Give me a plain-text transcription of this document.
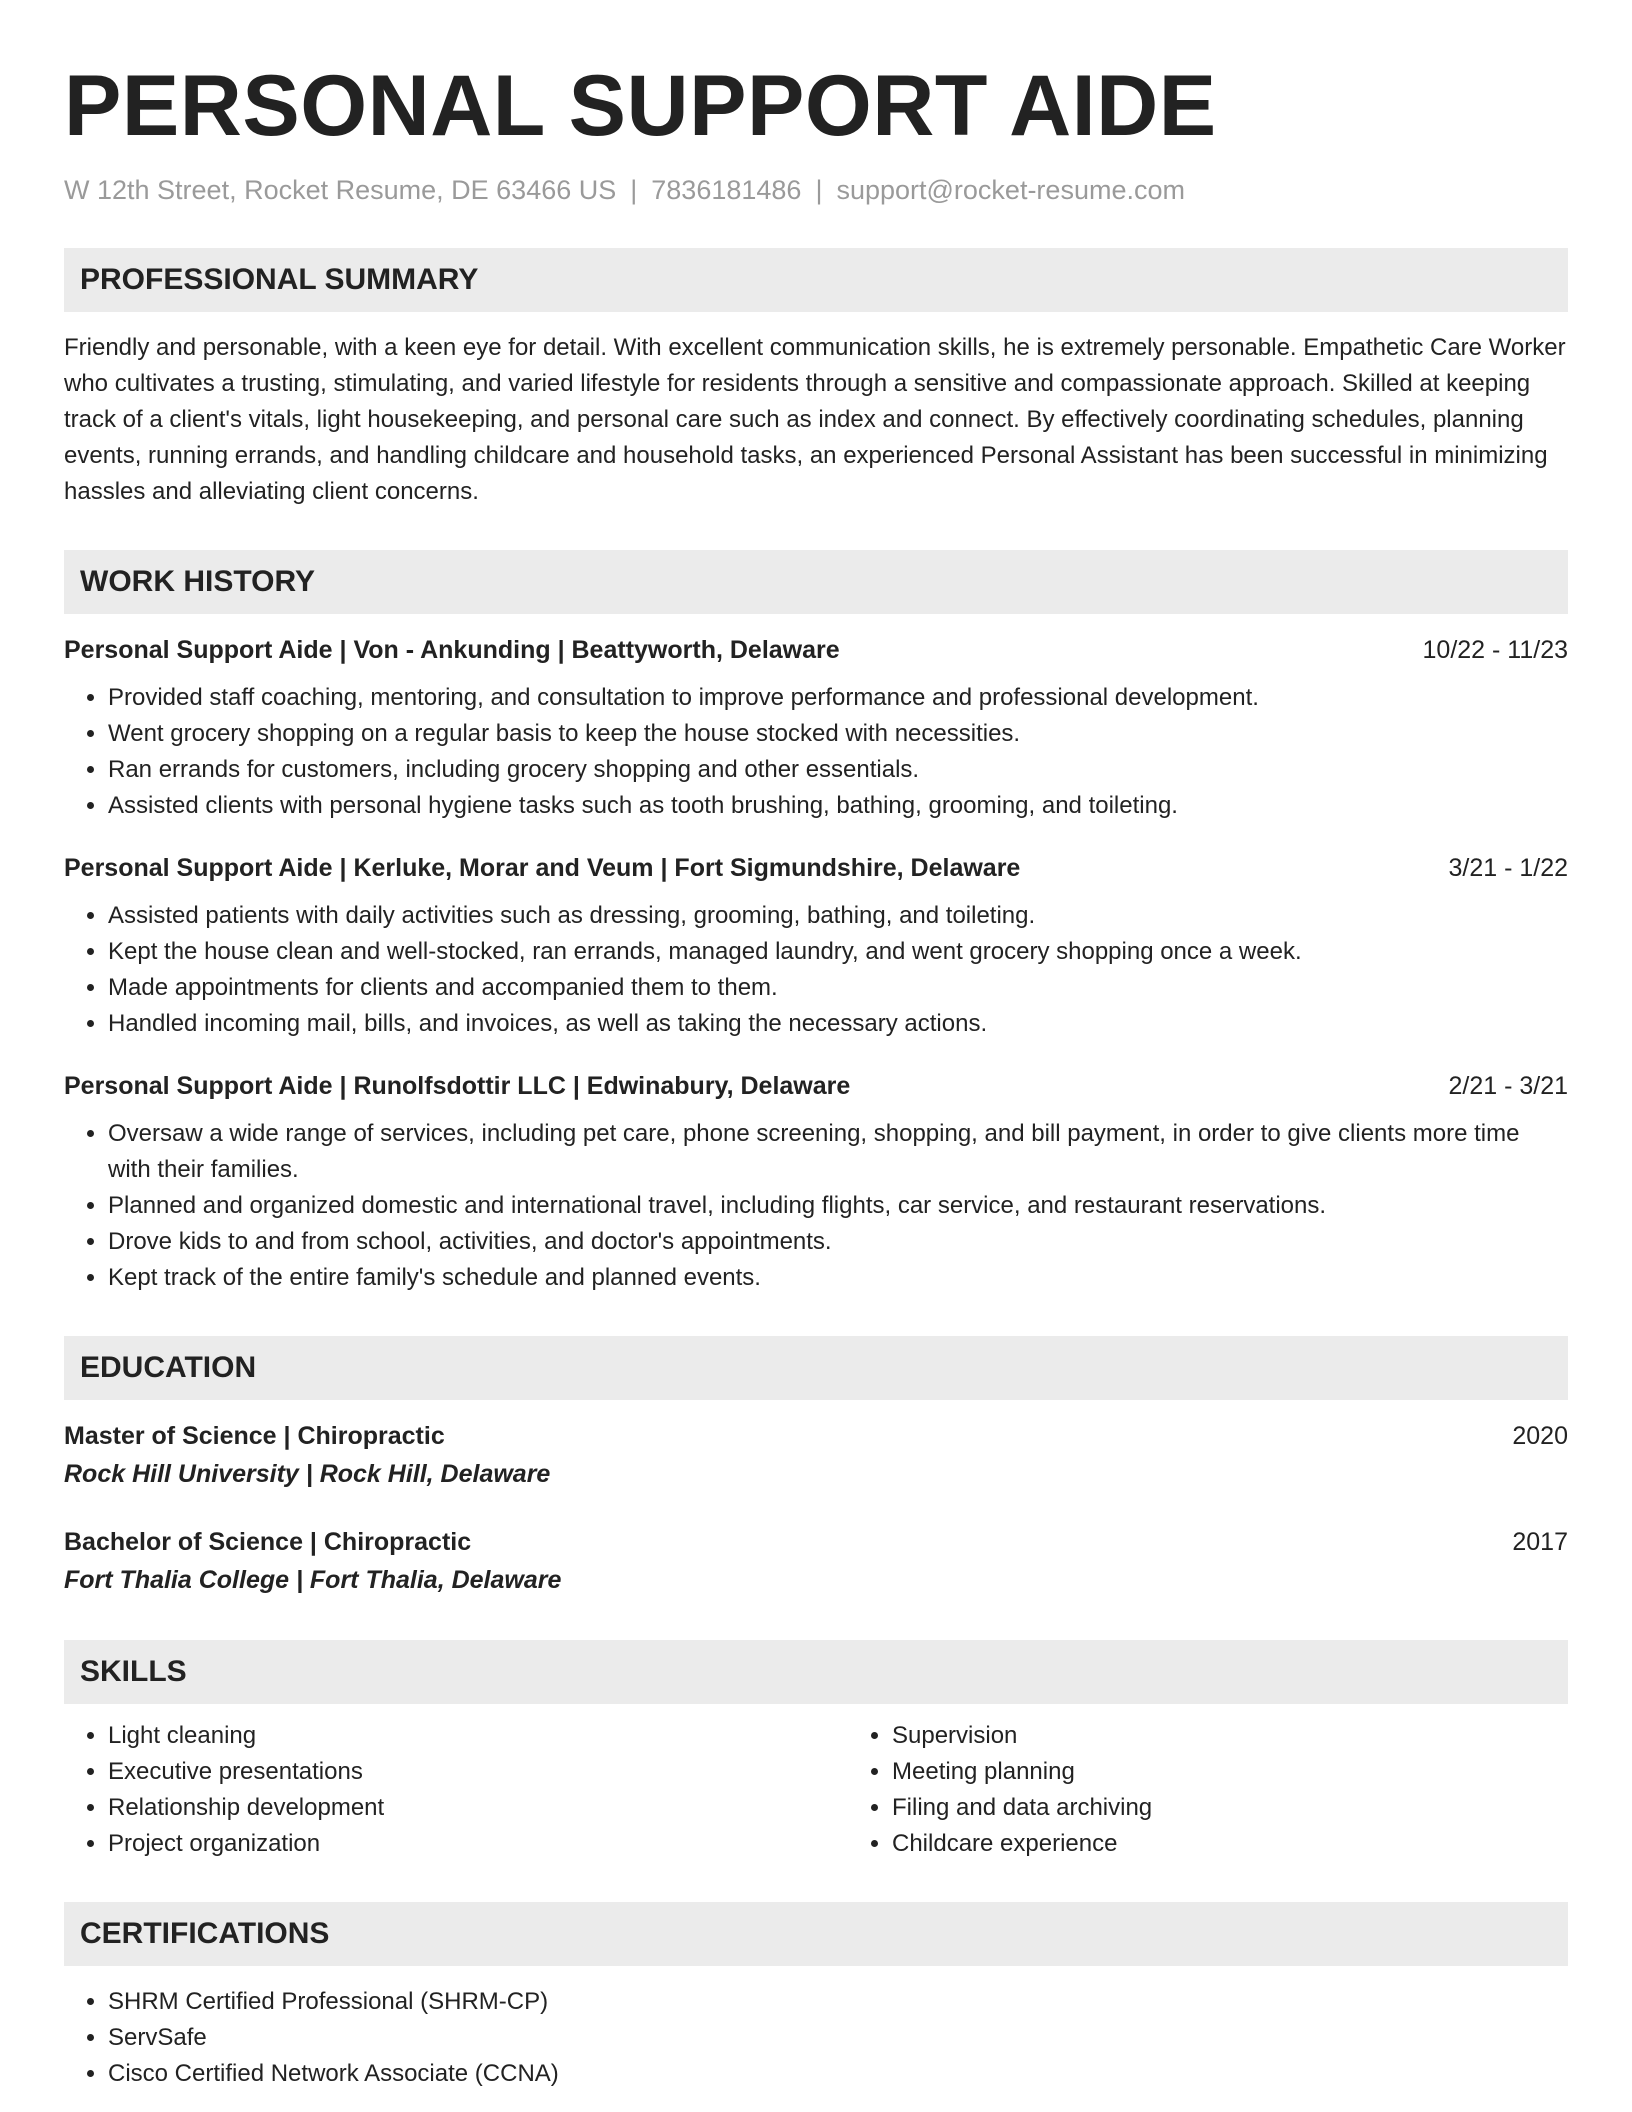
PERSONAL SUPPORT AIDE
W 12th Street, Rocket Resume, DE 63466 US | 7836181486 | support@rocket-resume.com
PROFESSIONAL SUMMARY
Friendly and personable, with a keen eye for detail. With excellent communication skills, he is extremely personable. Empathetic Care Worker who cultivates a trusting, stimulating, and varied lifestyle for residents through a sensitive and compassionate approach. Skilled at keeping track of a client's vitals, light housekeeping, and personal care such as index and connect. By effectively coordinating schedules, planning events, running errands, and handling childcare and household tasks, an experienced Personal Assistant has been successful in minimizing hassles and alleviating client concerns.
WORK HISTORY
Personal Support Aide | Von - Ankunding | Beattyworth, Delaware	10/22 - 11/23
• Provided staff coaching, mentoring, and consultation to improve performance and professional development.
• Went grocery shopping on a regular basis to keep the house stocked with necessities.
• Ran errands for customers, including grocery shopping and other essentials.
• Assisted clients with personal hygiene tasks such as tooth brushing, bathing, grooming, and toileting.
Personal Support Aide | Kerluke, Morar and Veum | Fort Sigmundshire, Delaware	3/21 - 1/22
• Assisted patients with daily activities such as dressing, grooming, bathing, and toileting.
• Kept the house clean and well-stocked, ran errands, managed laundry, and went grocery shopping once a week.
• Made appointments for clients and accompanied them to them.
• Handled incoming mail, bills, and invoices, as well as taking the necessary actions.
Personal Support Aide | Runolfsdottir LLC | Edwinabury, Delaware	2/21 - 3/21
• Oversaw a wide range of services, including pet care, phone screening, shopping, and bill payment, in order to give clients more time with their families.
• Planned and organized domestic and international travel, including flights, car service, and restaurant reservations.
• Drove kids to and from school, activities, and doctor's appointments.
• Kept track of the entire family's schedule and planned events.
EDUCATION
Master of Science | Chiropractic	2020
Rock Hill University | Rock Hill, Delaware
Bachelor of Science | Chiropractic	2017
Fort Thalia College | Fort Thalia, Delaware
SKILLS
• Light cleaning
• Executive presentations
• Relationship development
• Project organization
• Supervision
• Meeting planning
• Filing and data archiving
• Childcare experience
CERTIFICATIONS
• SHRM Certified Professional (SHRM-CP)
• ServSafe
• Cisco Certified Network Associate (CCNA)
